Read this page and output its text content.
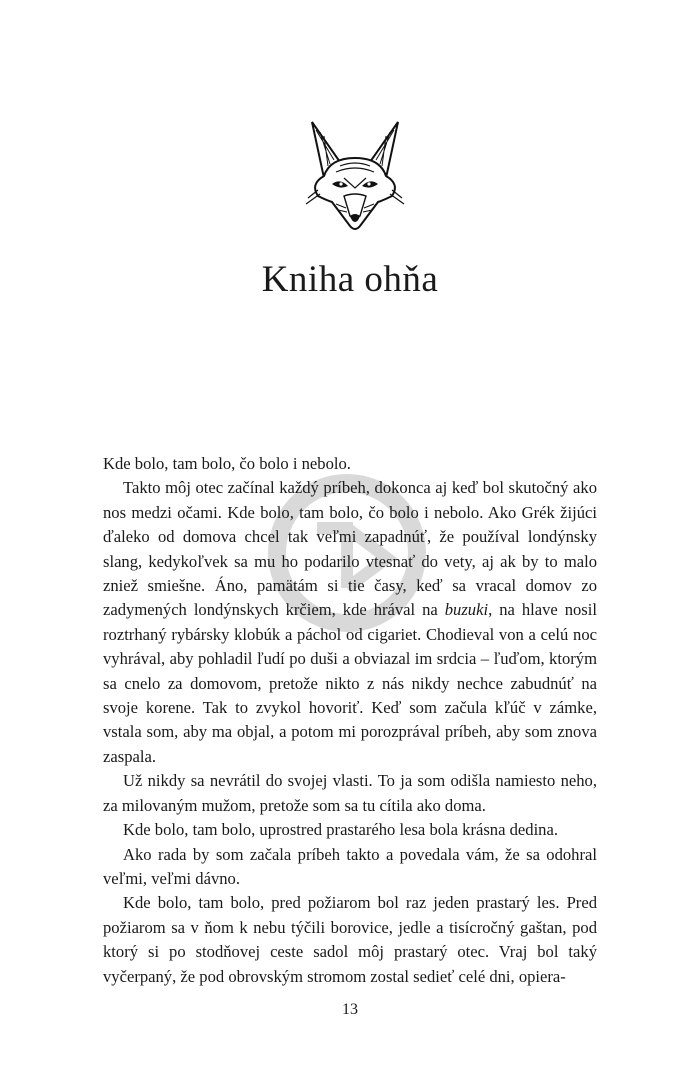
Kniha ohňa

Kde bolo, tam bolo, čo bolo i nebolo.

Takto môj otec začínal každý príbeh, dokonca aj keď bol skutočný ako nos medzi očami. Kde bolo, tam bolo, čo bolo i nebolo. Ako Grék žijúci ďaleko od domova chcel tak veľmi zapadnúť, že používal londýnsky slang, kedykoľvek sa mu ho podarilo vtesnať do vety, aj ak by to malo zniež smiešne. Áno, pamätám si tie časy, keď sa vracal domov zo zadymených londýnskych krčiem, kde hrával na buzuki, na hlave nosil roztrhaný rybársky klobúk a páchol od cigariet. Chodieval von a celú noc vyhrával, aby pohladil ľudí po duši a obviazal im srdcia – ľuďom, ktorým sa cnelo za domovom, pretože nikto z nás nikdy nechce zabudnúť na svoje korene. Tak to zvykol hovoriť. Keď som začula kľúč v zámke, vstala som, aby ma objal, a potom mi porozprával príbeh, aby som znova zaspala.

Už nikdy sa nevrátil do svojej vlasti. To ja som odišla namiesto neho, za milovaným mužom, pretože som sa tu cítila ako doma.

Kde bolo, tam bolo, uprostred prastarého lesa bola krásna dedina.

Ako rada by som začala príbeh takto a povedala vám, že sa odohral veľmi, veľmi dávno.

Kde bolo, tam bolo, pred požiarom bol raz jeden prastarý les. Pred požiarom sa v ňom k nebu týčili borovice, jedle a tisícročný gaštan, pod ktorý si po stodňovej ceste sadol môj prastarý otec. Vraj bol taký vyčerpaný, že pod obrovským stromom zostal sedieť celé dni, opiera-

13
